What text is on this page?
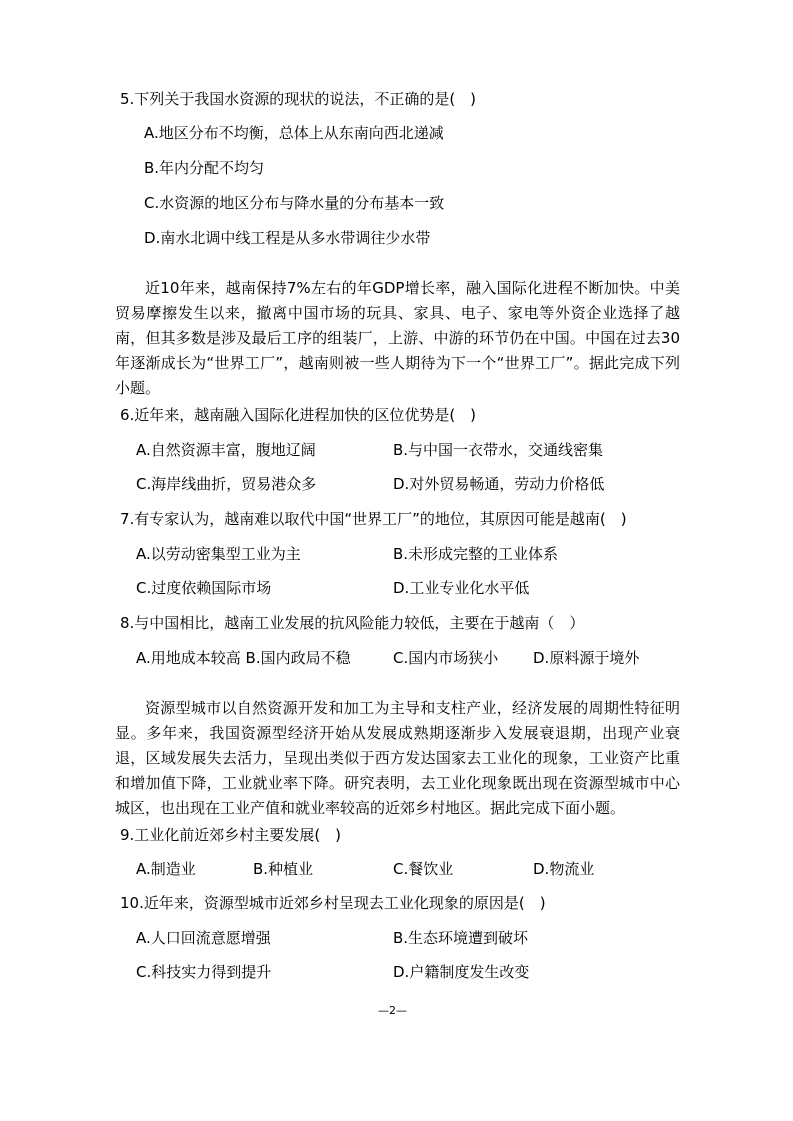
5.下列关于我国水资源的现状的说法，不正确的是(　)
A.地区分布不均衡，总体上从东南向西北递减
B.年内分配不均匀
C.水资源的地区分布与降水量的分布基本一致
D.南水北调中线工程是从多水带调往少水带
近10年来，越南保持7%左右的年GDP增长率，融入国际化进程不断加快。中美贸易摩擦发生以来，撤离中国市场的玩具、家具、电子、家电等外资企业选择了越南，但其多数是涉及最后工序的组装厂，上游、中游的环节仍在中国。中国在过去30年逐渐成长为“世界工厂”，越南则被一些人期待为下一个“世界工厂”。据此完成下列小题。
6.近年来，越南融入国际化进程加快的区位优势是(　)
A.自然资源丰富，腹地辽阔	B.与中国一衣带水，交通线密集
C.海岸线曲折，贸易港众多	D.对外贸易畅通，劳动力价格低
7.有专家认为，越南难以取代中国“世界工厂”的地位，其原因可能是越南(　)
A.以劳动密集型工业为主	B.未形成完整的工业体系
C.过度依赖国际市场	D.工业专业化水平低
8.与中国相比，越南工业发展的抗风险能力较低，主要在于越南（　）
A.用地成本较高 B.国内政局不稳	C.国内市场狭小 D.原料源于境外
资源型城市以自然资源开发和加工为主导和支柱产业，经济发展的周期性特征明显。多年来，我国资源型经济开始从发展成熟期逐渐步入发展衰退期，出现产业衰退，区域发展失去活力，呈现出类似于西方发达国家去工业化的现象，工业资产比重和增加值下降，工业就业率下降。研究表明，去工业化现象既出现在资源型城市中心城区，也出现在工业产值和就业率较高的近郊乡村地区。据此完成下面小题。
9.工业化前近郊乡村主要发展(　)
A.制造业	B.种植业	C.餐饮业	D.物流业
10.近年来，资源型城市近郊乡村呈现去工业化现象的原因是(　)
A.人口回流意愿增强	B.生态环境遭到破坏
C.科技实力得到提升	D.户籍制度发生改变
—2—
